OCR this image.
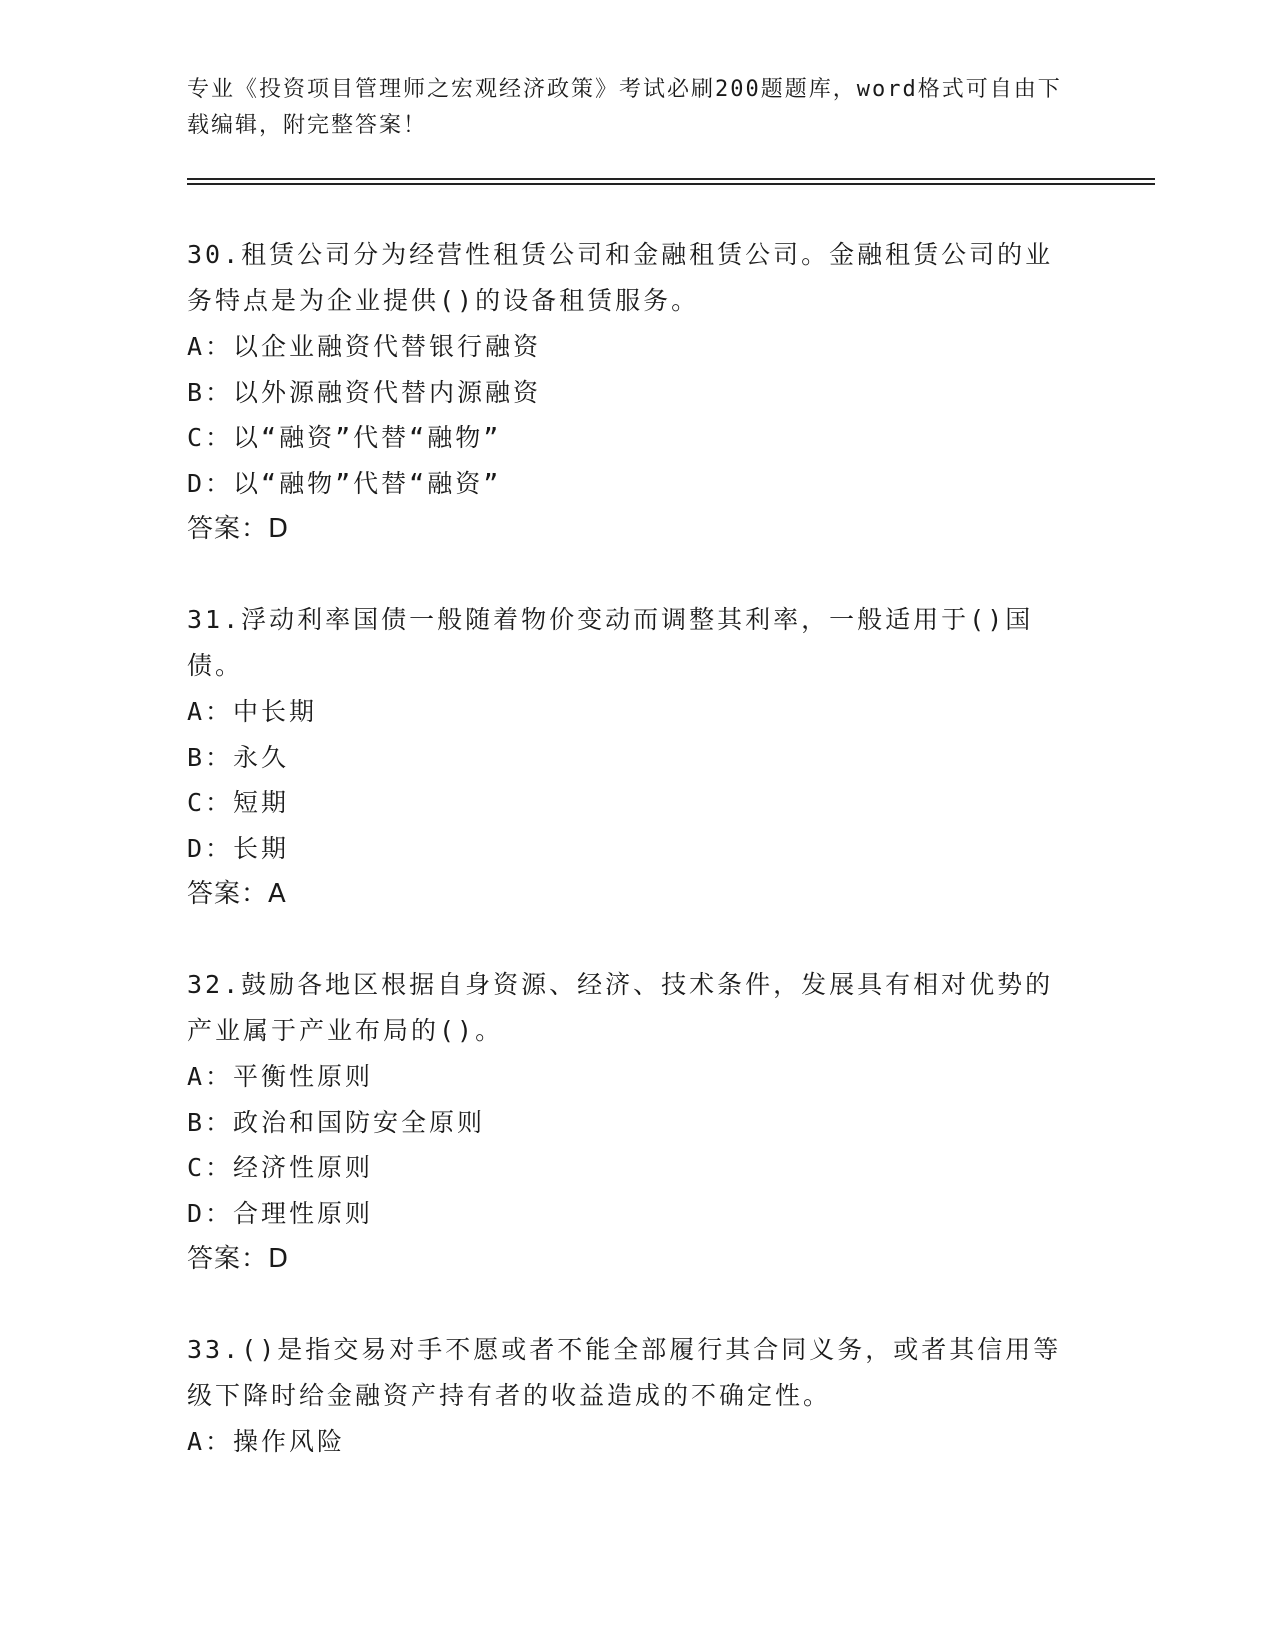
专业《投资项目管理师之宏观经济政策》考试必刷200题题库，word格式可自由下载编辑，附完整答案！
30.租赁公司分为经营性租赁公司和金融租赁公司。金融租赁公司的业务特点是为企业提供()的设备租赁服务。
A：以企业融资代替银行融资
B：以外源融资代替内源融资
C：以“融资”代替“融物”
D：以“融物”代替“融资”
答案：D
31.浮动利率国债一般随着物价变动而调整其利率，一般适用于()国债。
A：中长期
B：永久
C：短期
D：长期
答案：A
32.鼓励各地区根据自身资源、经济、技术条件，发展具有相对优势的产业属于产业布局的()。
A：平衡性原则
B：政治和国防安全原则
C：经济性原则
D：合理性原则
答案：D
33.()是指交易对手不愿或者不能全部履行其合同义务，或者其信用等级下降时给金融资产持有者的收益造成的不确定性。
A：操作风险
